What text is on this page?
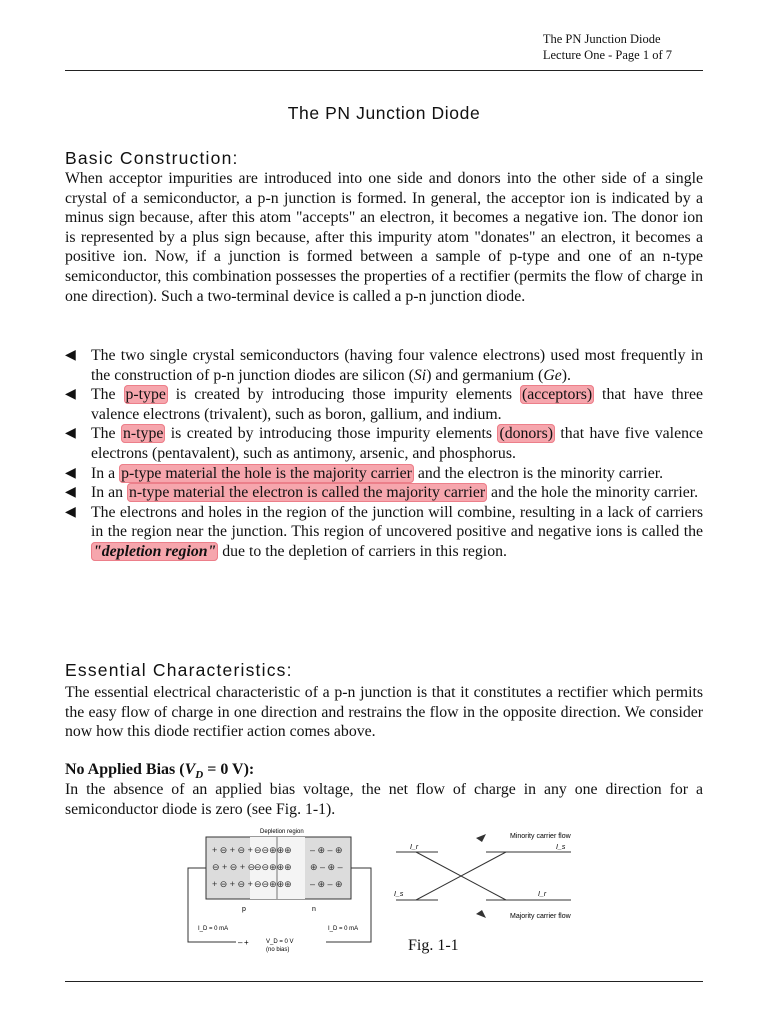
The PN Junction Diode
Lecture One - Page 1 of 7
The PN Junction Diode
Basic Construction:

When acceptor impurities are introduced into one side and donors into the other side of a single crystal of a semiconductor, a p-n junction is formed. In general, the acceptor ion is indicated by a minus sign because, after this atom "accepts" an electron, it becomes a negative ion. The donor ion is represented by a plus sign because, after this impurity atom "donates" an electron, it becomes a positive ion. Now, if a junction is formed between a sample of p-type and one of an n-type semiconductor, this combination possesses the properties of a rectifier (permits the flow of charge in one direction). Such a two-terminal device is called a p-n junction diode.

◀ The two single crystal semiconductors (having four valence electrons) used most frequently in the construction of p-n junction diodes are silicon (Si) and germanium (Ge).
◀ The p-type is created by introducing those impurity elements (acceptors) that have three valence electrons (trivalent), such as boron, gallium, and indium.
◀ The n-type is created by introducing those impurity elements (donors) that have five valence electrons (pentavalent), such as antimony, arsenic, and phosphorus.
◀ In a p-type material the hole is the majority carrier and the electron is the minority carrier.
◀ In an n-type material the electron is called the majority carrier and the hole the minority carrier.
◀ The electrons and holes in the region of the junction will combine, resulting in a lack of carriers in the region near the junction. This region of uncovered positive and negative ions is called the "depletion region" due to the depletion of carriers in this region.
Essential Characteristics:

The essential electrical characteristic of a p-n junction is that it constitutes a rectifier which permits the easy flow of charge in one direction and restrains the flow in the opposite direction. We consider now how this diode rectifier action comes above.

No Applied Bias ($V_D = 0$ V):

In the absence of an applied bias voltage, the net flow of charge in any one direction for a semiconductor diode is zero (see Fig. 1-1).

Depletion region
+ ⊖ + ⊖ +
⊖ + ⊖ + ⊖
+ ⊖ + ⊖ +
⊖⊖⊕⊕⊕
⊖⊖⊕⊕⊕
⊖⊖⊕⊕⊕
– ⊕ – ⊕
⊕ – ⊕ –
– ⊕ – ⊕
p	n
I_D = 0 mA	I_D = 0 mA
– +	V_D = 0 V
(no bias)
I_r	I_s
I_s	I_r
Minority carrier flow
Majority carrier flow
Fig. 1-1
